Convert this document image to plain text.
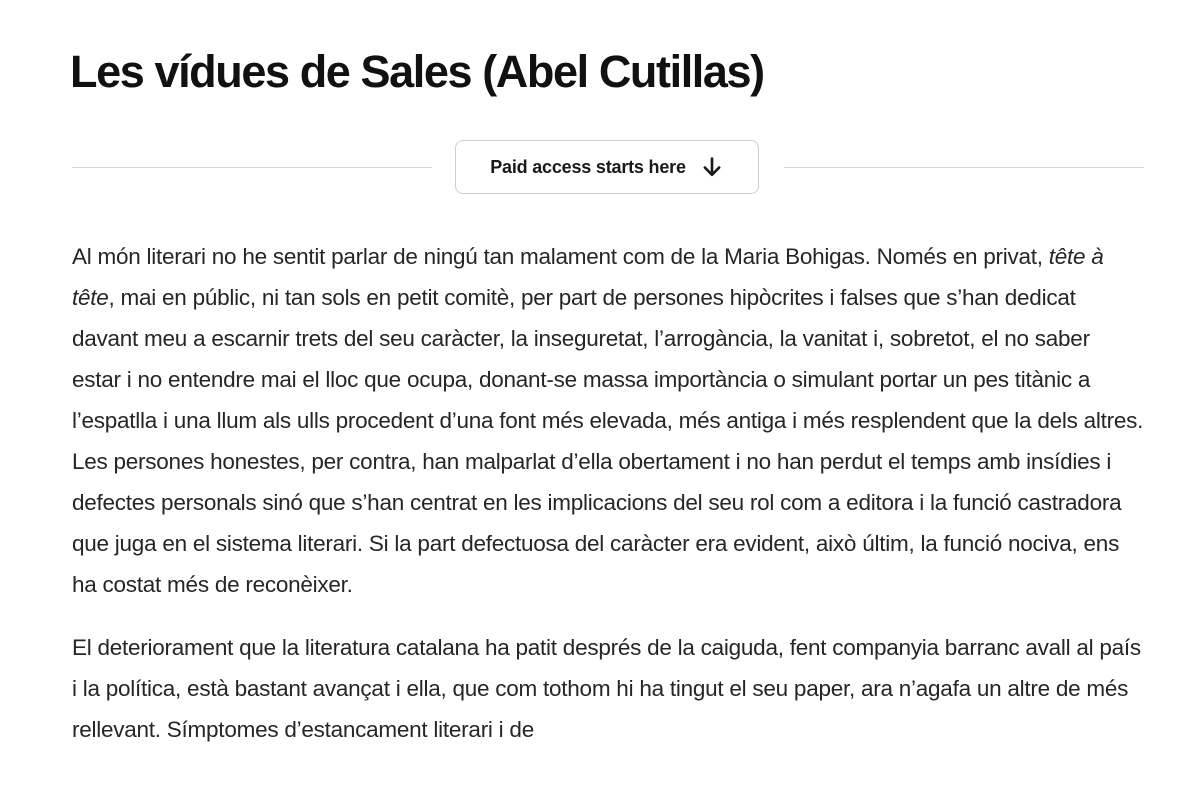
Les vídues de Sales (Abel Cutillas)
Paid access starts here

Al món literari no he sentit parlar de ningú tan malament com de la Maria Bohigas. Només en privat, tête à tête, mai en públic, ni tan sols en petit comitè, per part de persones hipòcrites i falses que s’han dedicat davant meu a escarnir trets del seu caràcter, la inseguretat, l’arrogància, la vanitat i, sobretot, el no saber estar i no entendre mai el lloc que ocupa, donant-se massa importància o simulant portar un pes titànic a l’espatlla i una llum als ulls procedent d’una font més elevada, més antiga i més resplendent que la dels altres. Les persones honestes, per contra, han malparlat d’ella obertament i no han perdut el temps amb insídies i defectes personals sinó que s’han centrat en les implicacions del seu rol com a editora i la funció castradora que juga en el sistema literari. Si la part defectuosa del caràcter era evident, això últim, la funció nociva, ens ha costat més de reconèixer.

El deteriorament que la literatura catalana ha patit després de la caiguda, fent companyia barranc avall al país i la política, està bastant avançat i ella, que com tothom hi ha tingut el seu paper, ara n’agafa un altre de més rellevant. Símptomes d’estancament literari i de
